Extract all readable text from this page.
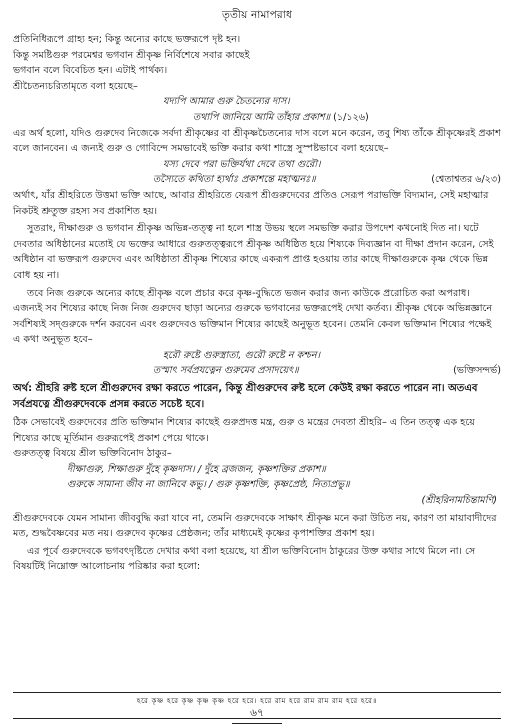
তৃতীয় নামাপরাধ

প্রতিনিধিরূপে গ্রাহ্য হন; কিন্তু অন্যের কাছে ভক্তরূপে দৃষ্ট হন।
কিন্তু সমষ্টিগুরু পরমেশ্বর ভগবান শ্রীকৃষ্ণ নির্বিশেষে সবার কাছেই
ভগবান বলে বিবেচিত হন। এটাই পার্থক্য।

শ্রীচৈতন্যচরিতামৃতে বলা হয়েছে–

যদ্যপি আমার গুরু চৈতন্যের দাস।
তথাপি জানিয়ে আমি তাঁহার প্রকাশ॥ (১/১২৬)

এর অর্থ হলো, যদিও গুরুদেব নিজেকে সর্বদা শ্রীকৃষ্ণের বা শ্রীকৃষ্ণচৈতন্যের দাস বলে মনে করেন, তবু শিষ্য তাঁকে শ্রীকৃষ্ণেরই প্রকাশ বলে জানবেন। এ জন্যই গুরু ও গোবিন্দে সমভাবেই ভক্তি করার কথা শাস্ত্রে সুস্পষ্টভাবে বলা হয়েছে–

যস্য দেবে পরা ভক্তির্যথা দেবে তথা গুরৌ।
তস্যৈতে কথিতা হ্যর্থাঃ প্রকাশন্তে মহাত্মনঃ॥	(শ্বেতাশ্বতর ৬/২৩)

অর্থাৎ, যাঁর শ্রীহরিতে উত্তমা ভক্তি আছে, আবার শ্রীহরিতে যেরূপ শ্রীগুরুদেবের প্রতিও সেরূপ পরাভক্তি বিদ্যমান, সেই মহাত্মার নিকটই শ্রুতুক্ত রহস্য সব প্রকাশিত হয়।

সুতরাং, দীক্ষাগুরু ও ভগবান শ্রীকৃষ্ণ অভিন্ন-তত্ত্ব না হলে শাস্ত্র উভয় স্থলে সমভক্তি করার উপদেশ কখনোই দিত না। ঘটে দেবতার অধিষ্ঠানের মতোই যে ভক্তের আধারে গুরুতত্ত্বরূপে শ্রীকৃষ্ণ অধিষ্ঠিত হয়ে শিষ্যকে দিব্যজ্ঞান বা দীক্ষা প্রদান করেন, সেই অধিষ্ঠান বা ভক্তরূপ গুরুদেব এবং অধিষ্ঠাতা শ্রীকৃষ্ণ শিষ্যের কাছে একরূপ প্রাপ্ত হওয়ায় তার কাছে দীক্ষাগুরুকে কৃষ্ণ থেকে ভিন্ন বোধ হয় না।

তবে নিজ গুরুকে অন্যের কাছে শ্রীকৃষ্ণ বলে প্রচার করে কৃষ্ণ-বুদ্ধিতে ভজন করার জন্য কাউকে প্ররোচিত করা অপরাধ। এজন্যই সব শিষ্যের কাছে নিজ নিজ গুরুদেব ছাড়া অন্যের গুরুকে ভগবানের ভক্তরূপেই দেখা কর্তব্য। শ্রীকৃষ্ণ থেকে অভিন্নজ্ঞানে সর্বশিষ্যই সদ্গুরুকে দর্শন করবেন এবং গুরুদেবও ভক্তিমান শিষ্যের কাছেই অনুভূত হবেন। তেমনি কেবল ভক্তিমান শিষ্যের পক্ষেই এ কথা অনুভূত হবে–

হরৌ রুষ্টে গুরুস্ত্রাতা, গুরৌ রুষ্টে ন কশ্চন।
তস্মাৎ সর্বপ্রযত্নেন গুরুমেব প্রসাদয়েৎ॥	(ভক্তিসন্দর্ভ)

অর্থ: শ্রীহরি রুষ্ট হলে শ্রীগুরুদেব রক্ষা করতে পারেন, কিন্তু শ্রীগুরুদেব রুষ্ট হলে কেউই রক্ষা করতে পারেন না। অতএব সর্বপ্রযত্নে শ্রীগুরুদেবকে প্রসন্ন করতে সচেষ্ট হবে।

ঠিক সেভাবেই গুরুদেবের প্রতি ভক্তিমান শিষ্যের কাছেই গুরুপ্রদত্ত মন্ত্র, গুরু ও মন্ত্রের দেবতা শ্রীহরি– এ তিন তত্ত্ব এক হয়ে শিষ্যের কাছে মূর্তিমান গুরুরূপেই প্রকাশ পেয়ে থাকে।

গুরুতত্ত্ব বিষয়ে শ্রীল ভক্তিবিনোদ ঠাকুর–

দীক্ষাগুরু, শিক্ষাগুরু দুঁহে কৃষ্ণদাস। / দুঁহে ব্রজজন, কৃষ্ণশক্তির প্রকাশ॥
গুরুকে সামান্য জীব না জানিবে কভু। / গুরু কৃষ্ণশক্তি, কৃষ্ণপ্রেষ্ঠ, নিত্যপ্রভু॥
(শ্রীহরিনামচিন্তামণি)

শ্রীগুরুদেবকে যেমন সামান্য জীববুদ্ধি করা যাবে না, তেমনি গুরুদেবকে সাক্ষাৎ শ্রীকৃষ্ণ মনে করা উচিত নয়, কারণ তা মায়াবাদীদের মত, শুদ্ধবৈষ্ণবের মত নয়। গুরুদেব কৃষ্ণের প্রেষ্ঠজন; তাঁর মাধ্যমেই কৃষ্ণের কৃপাশক্তির প্রকাশ হয়।

এর পূর্বে গুরুদেবকে ভগবৎদৃষ্টিতে দেখার কথা বলা হয়েছে, যা শ্রীল ভক্তিবিনোদ ঠাকুরের উক্ত কথার সাথে মিলে না। সে বিষয়টিই নিম্নোক্ত আলোচনায় পরিষ্কার করা হলো:

হরে কৃষ্ণ হরে কৃষ্ণ কৃষ্ণ কৃষ্ণ হরে হরে। হরে রাম হরে রাম রাম রাম হরে হরে॥
৬৭
